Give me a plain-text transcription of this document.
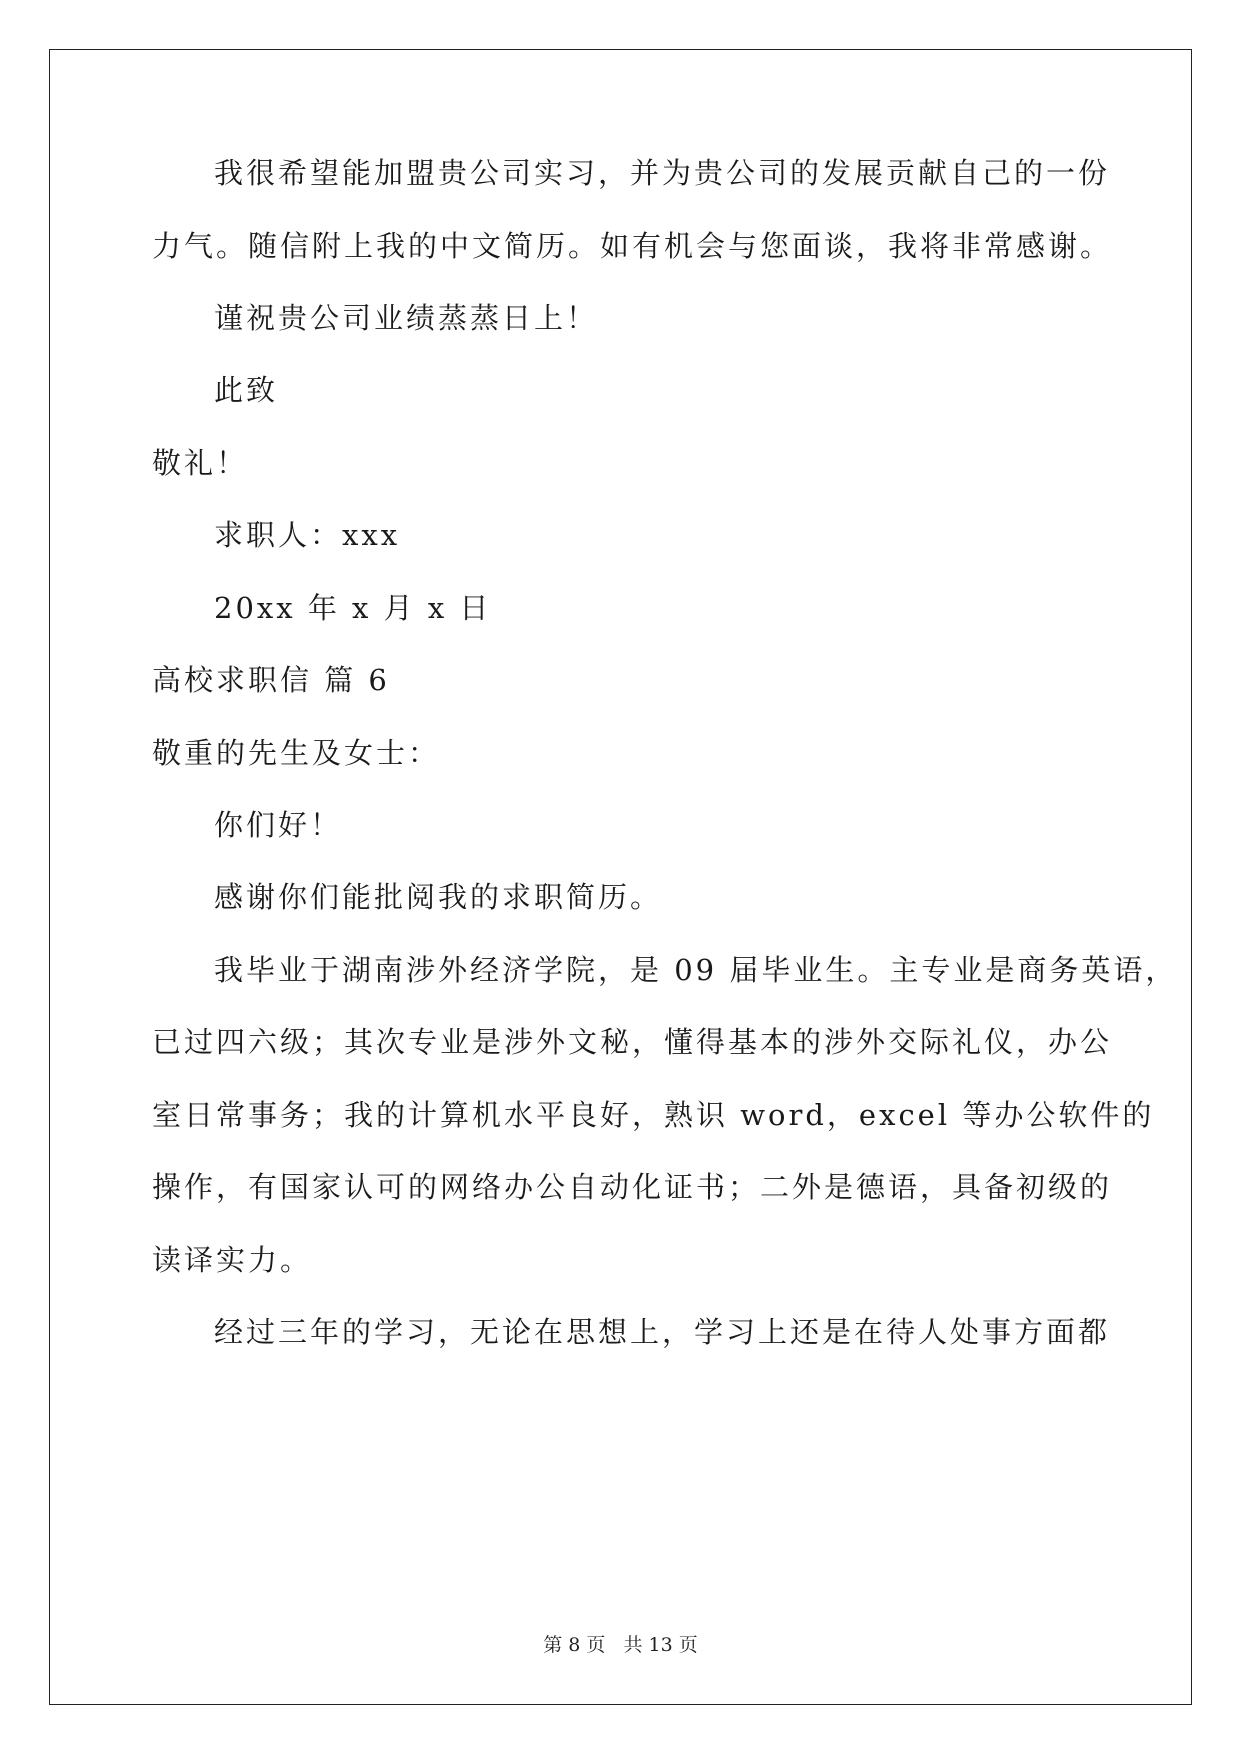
我很希望能加盟贵公司实习，并为贵公司的发展贡献自己的一份
力气。随信附上我的中文简历。如有机会与您面谈，我将非常感谢。
谨祝贵公司业绩蒸蒸日上！
此致
敬礼！
求职人：xxx
20xx 年 x 月 x 日
高校求职信 篇 6
敬重的先生及女士：
你们好！
感谢你们能批阅我的求职简历。
我毕业于湖南涉外经济学院，是 09 届毕业生。主专业是商务英语，
已过四六级；其次专业是涉外文秘，懂得基本的涉外交际礼仪，办公
室日常事务；我的计算机水平良好，熟识 word，excel 等办公软件的
操作，有国家认可的网络办公自动化证书；二外是德语，具备初级的
读译实力。
经过三年的学习，无论在思想上，学习上还是在待人处事方面都
第 8 页 共 13 页
